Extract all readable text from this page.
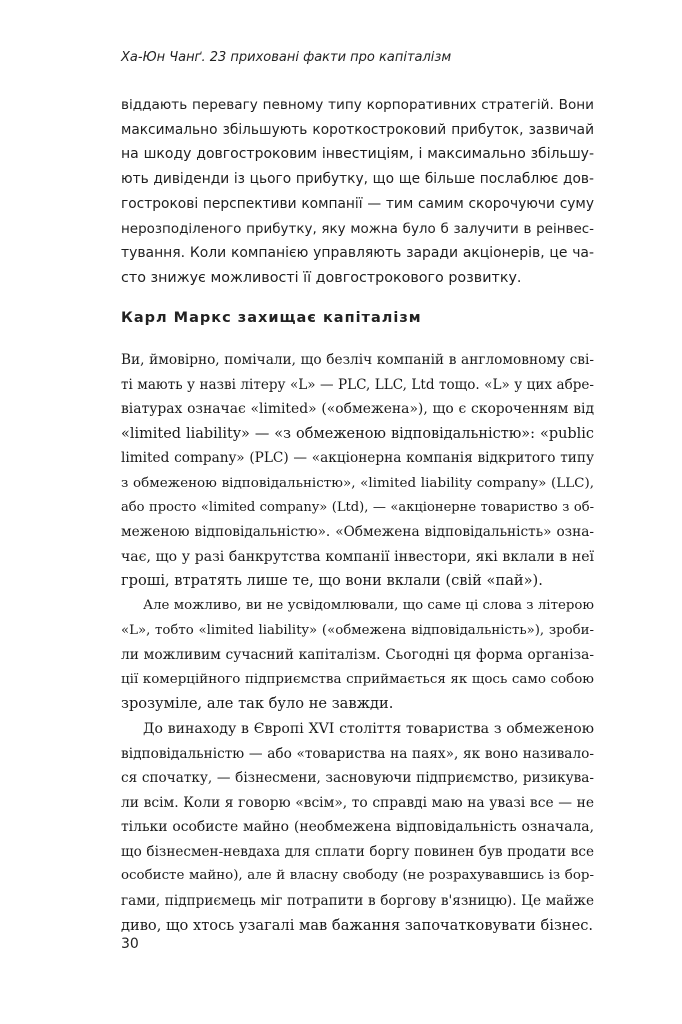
Ха-Юн Чанґ. 23 приховані факти про капіталізм
віддають перевагу певному типу корпоративних стратегій. Вони
максимально збільшують короткостроковий прибуток, зазвичай
на шкоду довгостроковим інвестиціям, і максимально збільшу-
ють дивіденди із цього прибутку, що ще більше послаблює дов-
гострокові перспективи компанії — тим самим скорочуючи суму
нерозподіленого прибутку, яку можна було б залучити в реінвес-
тування. Коли компанією управляють заради акціонерів, це ча-
сто знижує можливості її довгострокового розвитку.
Карл Маркс захищає капіталізм
Ви, ймовірно, помічали, що безліч компаній в англомовному сві-
ті мають у назві літеру «L» — PLC, LLC, Ltd тощо. «L» у цих абре-
віатурах означає «limited» («обмежена»), що є скороченням від
«limited liability» — «з обмеженою відповідальністю»: «public
limited company» (PLC) — «акціонерна компанія відкритого типу
з обмеженою відповідальністю», «limited liability company» (LLC),
або просто «limited company» (Ltd), — «акціонерне товариство з об-
меженою відповідальністю». «Обмежена відповідальність» озна-
чає, що у разі банкрутства компанії інвестори, які вклали в неї
гроші, втратять лише те, що вони вклали (свій «пай»).
Але можливо, ви не усвідомлювали, що саме ці слова з літерою
«L», тобто «limited liability» («обмежена відповідальність»), зроби-
ли можливим сучасний капіталізм. Сьогодні ця форма організа-
ції комерційного підприємства сприймається як щось само собою
зрозуміле, але так було не завжди.
До винаходу в Європі XVI століття товариства з обмеженою
відповідальністю — або «товариства на паях», як воно називало-
ся спочатку, — бізнесмени, засновуючи підприємство, ризикува-
ли всім. Коли я говорю «всім», то справді маю на увазі все — не
тільки особисте майно (необмежена відповідальність означала,
що бізнесмен-невдаха для сплати боргу повинен був продати все
особисте майно), але й власну свободу (не розрахувавшись із бор-
гами, підприємець міг потрапити в боргову в'язницю). Це майже
диво, що хтось узагалі мав бажання започатковувати бізнес.
30
